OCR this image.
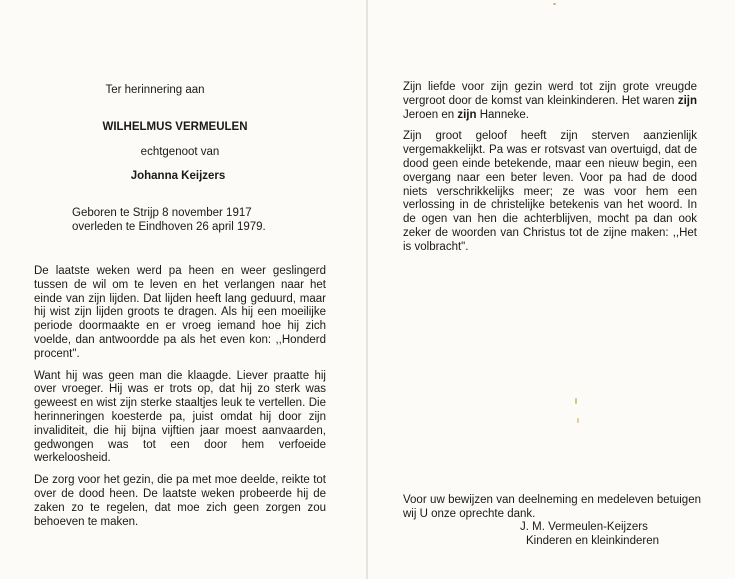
Ter herinnering aan
WILHELMUS VERMEULEN
echtgenoot van
Johanna Keijzers
Geboren te Strijp 8 november 1917
overleden te Eindhoven 26 april 1979.

De laatste weken werd pa heen en weer geslingerd tussen de wil om te leven en het verlangen naar het einde van zijn lijden. Dat lijden heeft lang geduurd, maar hij wist zijn lijden groots te dragen. Als hij een moeilijke periode doormaakte en er vroeg iemand hoe hij zich voelde, dan antwoordde pa als het even kon: ,,Honderd procent".

Want hij was geen man die klaagde. Liever praatte hij over vroeger. Hij was er trots op, dat hij zo sterk was geweest en wist zijn sterke staaltjes leuk te vertellen. Die herinneringen koesterde pa, juist omdat hij door zijn invaliditeit, die hij bijna vijftien jaar moest aanvaarden, gedwongen was tot een door hem verfoeide werkeloosheid.

De zorg voor het gezin, die pa met moe deelde, reikte tot over de dood heen. De laatste weken probeerde hij de zaken zo te regelen, dat moe zich geen zorgen zou behoeven te maken.

Zijn liefde voor zijn gezin werd tot zijn grote vreugde vergroot door de komst van kleinkinderen. Het waren zijn Jeroen en zijn Hanneke.

Zijn groot geloof heeft zijn sterven aanzienlijk vergemakkelijkt. Pa was er rotsvast van overtuigd, dat de dood geen einde betekende, maar een nieuw begin, een overgang naar een beter leven. Voor pa had de dood niets verschrikkelijks meer; ze was voor hem een verlossing in de christelijke betekenis van het woord. In de ogen van hen die achterblijven, mocht pa dan ook zeker de woorden van Christus tot de zijne maken: ,,Het is volbracht".

Voor uw bewijzen van deelneming en medeleven betuigen wij U onze oprechte dank.
J. M. Vermeulen-Keijzers
Kinderen en kleinkinderen
